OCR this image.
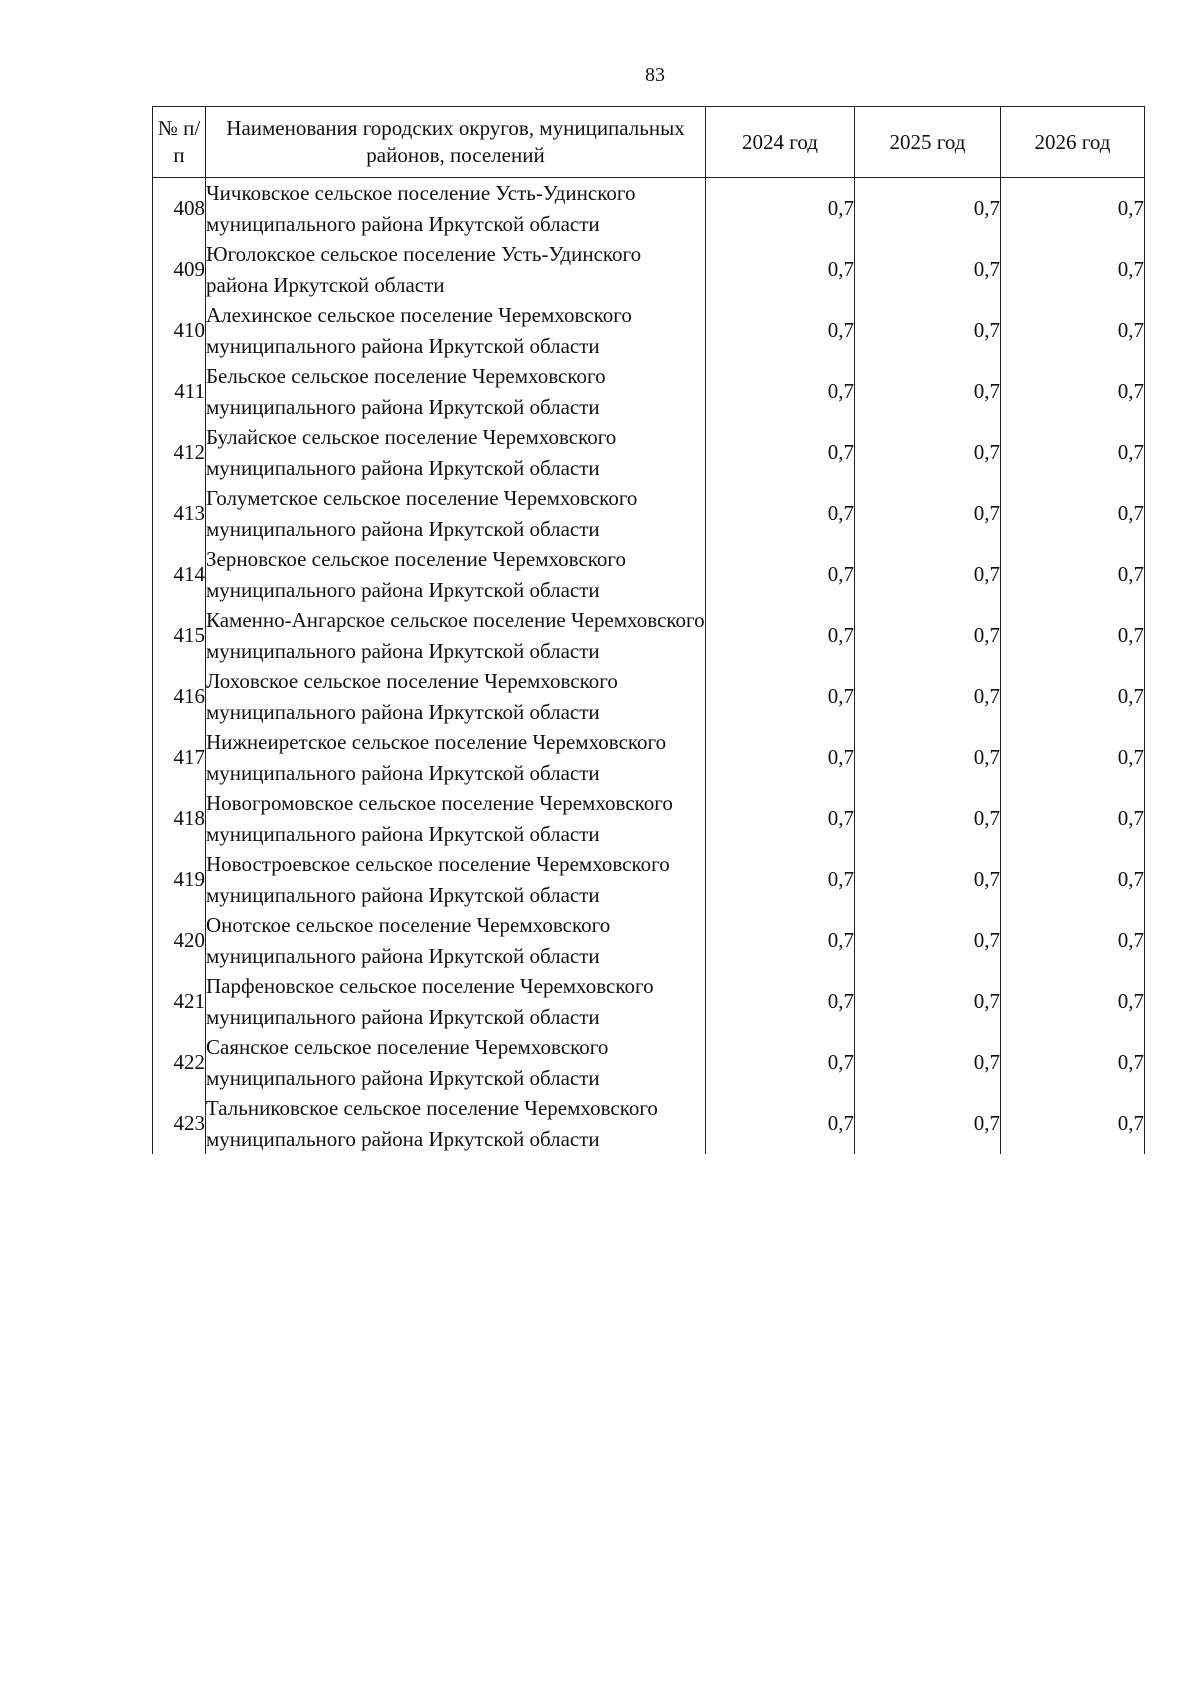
83
№ п/п	Наименования городских округов, муниципальных районов, поселений	2024 год	2025 год	2026 год
408	Чичковское сельское поселение Усть-Удинского муниципального района Иркутской области	0,7	0,7	0,7
409	Юголокское сельское поселение Усть-Удинского района Иркутской области	0,7	0,7	0,7
410	Алехинское сельское поселение Черемховского муниципального района Иркутской области	0,7	0,7	0,7
411	Бельское сельское поселение Черемховского муниципального района Иркутской области	0,7	0,7	0,7
412	Булайское сельское поселение Черемховского муниципального района Иркутской области	0,7	0,7	0,7
413	Голуметское сельское поселение Черемховского муниципального района Иркутской области	0,7	0,7	0,7
414	Зерновское сельское поселение Черемховского муниципального района Иркутской области	0,7	0,7	0,7
415	Каменно-Ангарское сельское поселение Черемховского муниципального района Иркутской области	0,7	0,7	0,7
416	Лоховское сельское поселение Черемховского муниципального района Иркутской области	0,7	0,7	0,7
417	Нижнеиретское сельское поселение Черемховского муниципального района Иркутской области	0,7	0,7	0,7
418	Новогромовское сельское поселение Черемховского муниципального района Иркутской области	0,7	0,7	0,7
419	Новостроевское сельское поселение Черемховского муниципального района Иркутской области	0,7	0,7	0,7
420	Онотское сельское поселение Черемховского муниципального района Иркутской области	0,7	0,7	0,7
421	Парфеновское сельское поселение Черемховского муниципального района Иркутской области	0,7	0,7	0,7
422	Саянское сельское поселение Черемховского муниципального района Иркутской области	0,7	0,7	0,7
423	Тальниковское сельское поселение Черемховского муниципального района Иркутской области	0,7	0,7	0,7
